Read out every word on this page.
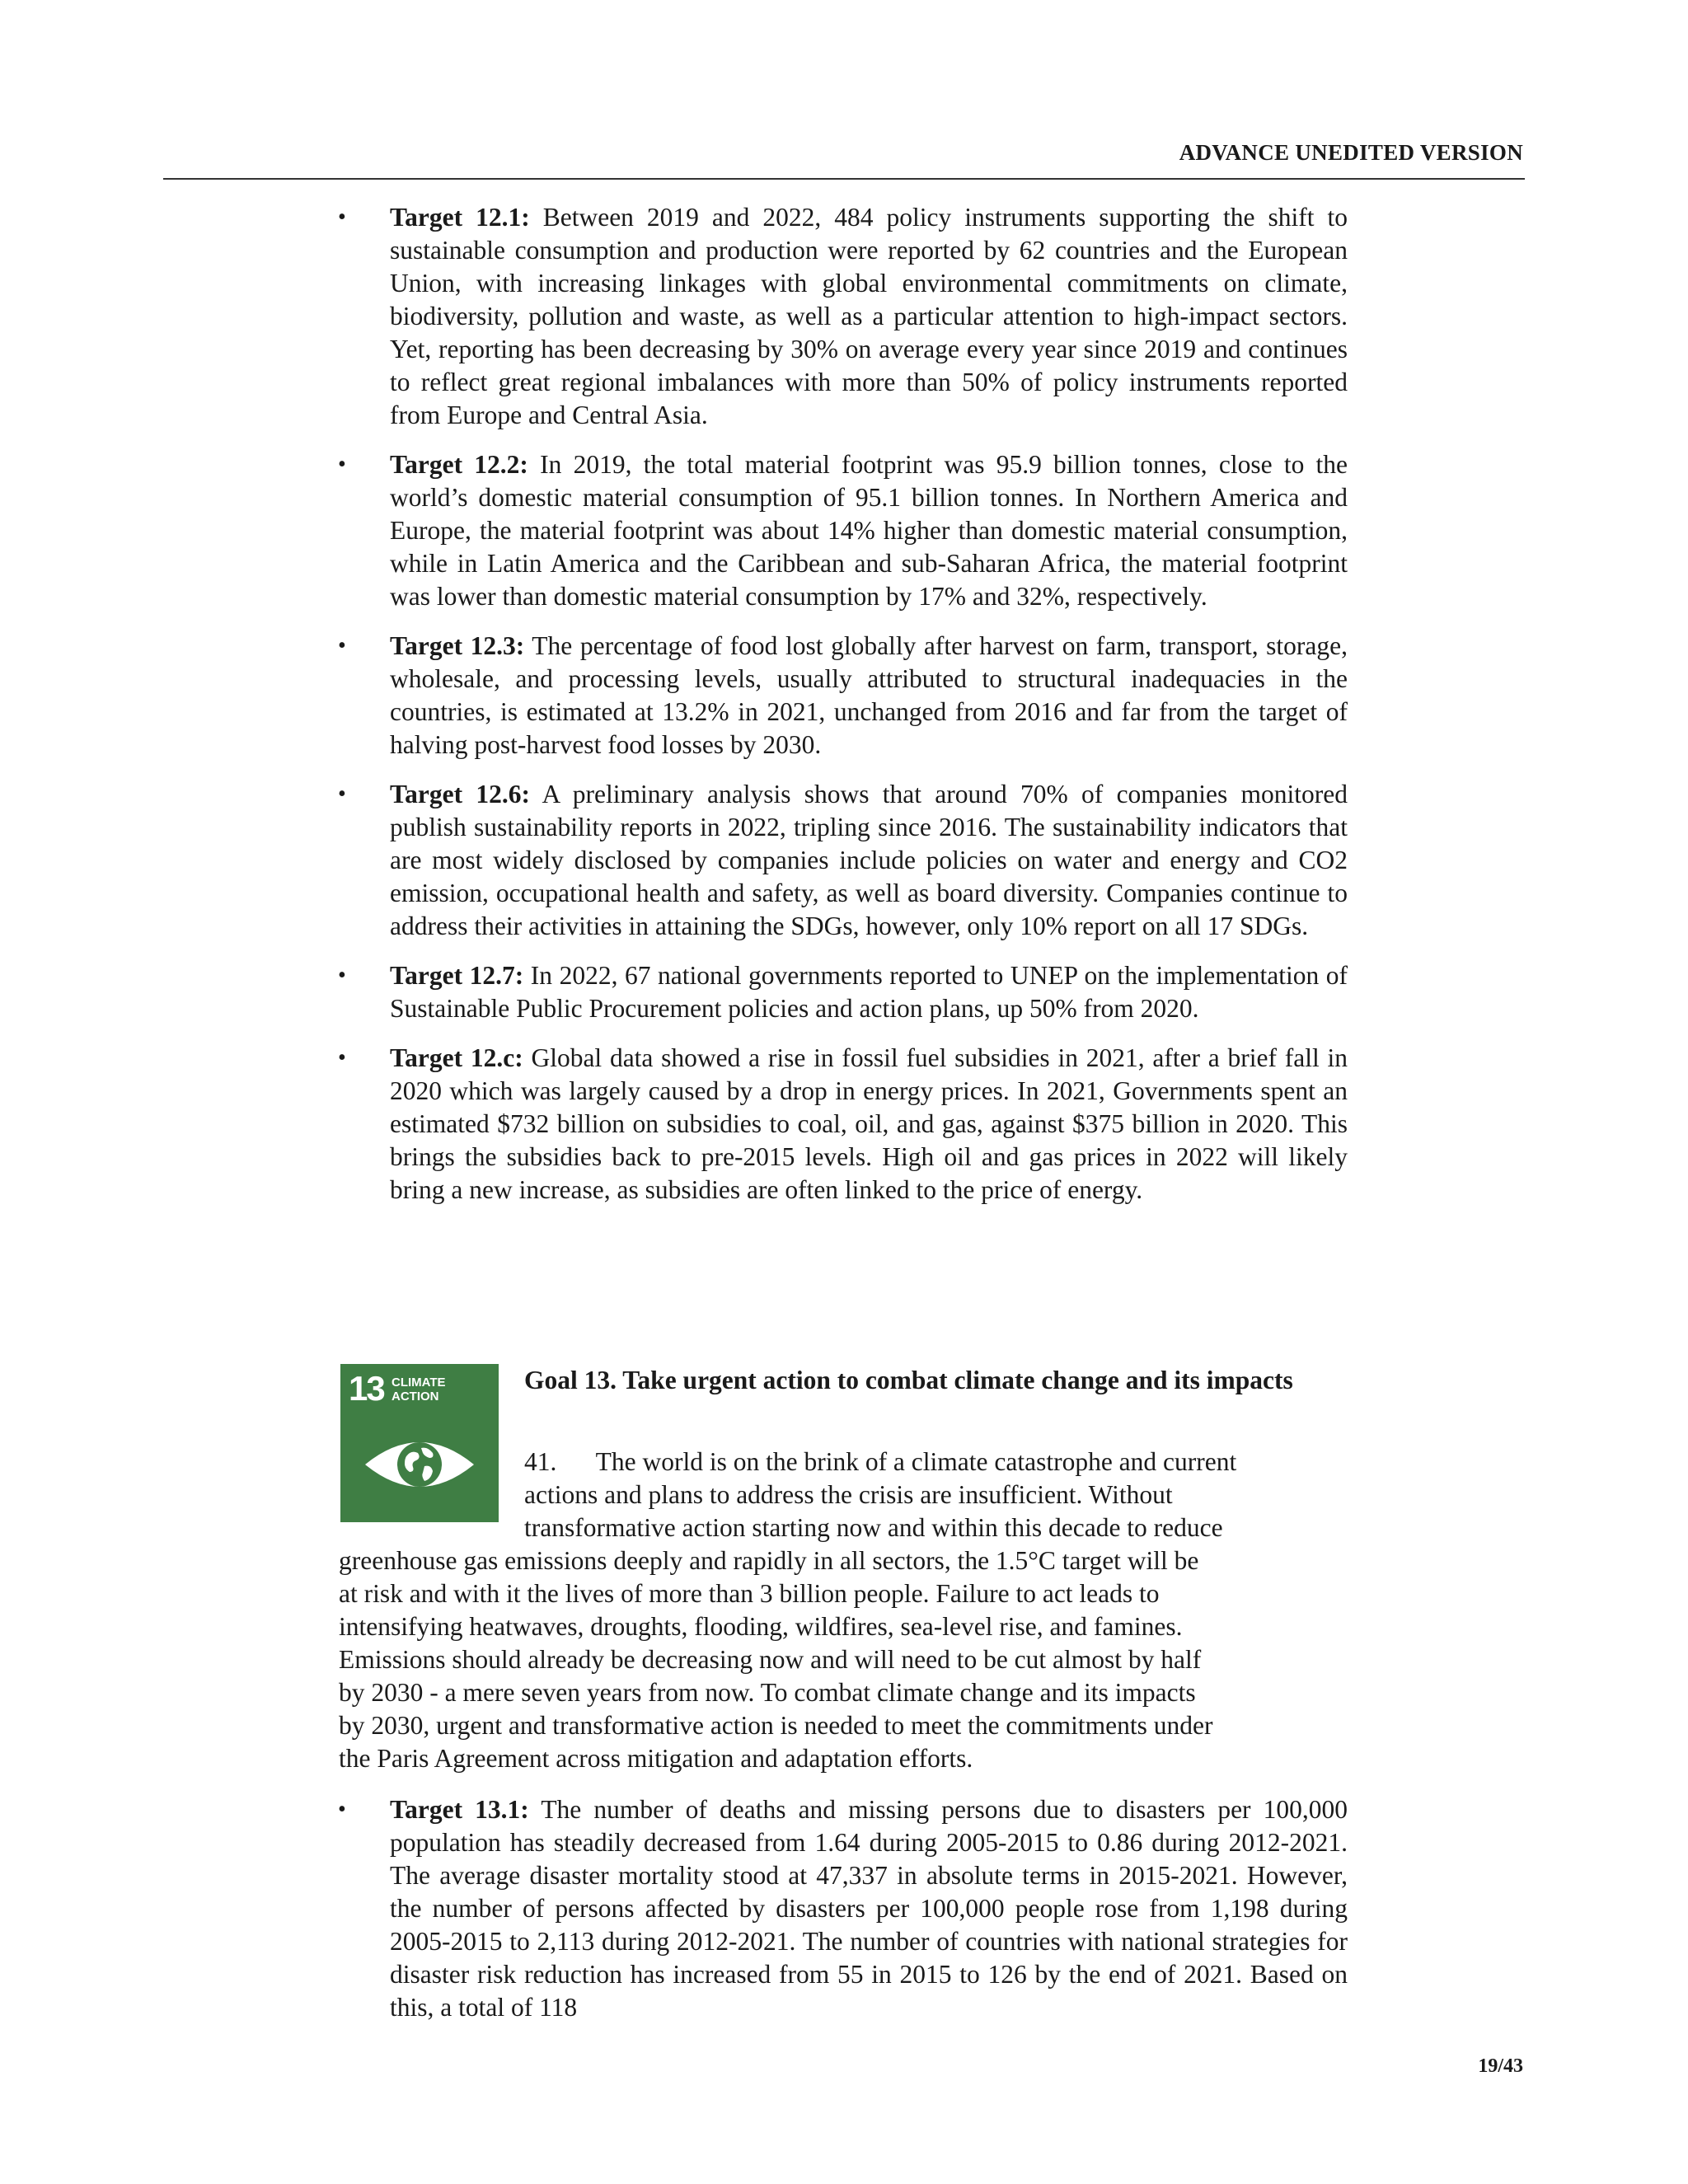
ADVANCE UNEDITED VERSION
• Target 12.1: Between 2019 and 2022, 484 policy instruments supporting the shift to sustainable consumption and production were reported by 62 countries and the European Union, with increasing linkages with global environmental commitments on climate, biodiversity, pollution and waste, as well as a particular attention to high-impact sectors. Yet, reporting has been decreasing by 30% on average every year since 2019 and continues to reflect great regional imbalances with more than 50% of policy instruments reported from Europe and Central Asia.
• Target 12.2: In 2019, the total material footprint was 95.9 billion tonnes, close to the world’s domestic material consumption of 95.1 billion tonnes. In Northern America and Europe, the material footprint was about 14% higher than domestic material consumption, while in Latin America and the Caribbean and sub-Saharan Africa, the material footprint was lower than domestic material consumption by 17% and 32%, respectively.
• Target 12.3: The percentage of food lost globally after harvest on farm, transport, storage, wholesale, and processing levels, usually attributed to structural inadequacies in the countries, is estimated at 13.2% in 2021, unchanged from 2016 and far from the target of halving post-harvest food losses by 2030.
• Target 12.6: A preliminary analysis shows that around 70% of companies monitored publish sustainability reports in 2022, tripling since 2016. The sustainability indicators that are most widely disclosed by companies include policies on water and energy and CO2 emission, occupational health and safety, as well as board diversity. Companies continue to address their activities in attaining the SDGs, however, only 10% report on all 17 SDGs.
• Target 12.7: In 2022, 67 national governments reported to UNEP on the implementation of Sustainable Public Procurement policies and action plans, up 50% from 2020.
• Target 12.c: Global data showed a rise in fossil fuel subsidies in 2021, after a brief fall in 2020 which was largely caused by a drop in energy prices. In 2021, Governments spent an estimated $732 billion on subsidies to coal, oil, and gas, against $375 billion in 2020. This brings the subsidies back to pre-2015 levels. High oil and gas prices in 2022 will likely bring a new increase, as subsidies are often linked to the price of energy.
13 CLIMATE
ACTION
Goal 13. Take urgent action to combat climate change and its impacts
41. The world is on the brink of a climate catastrophe and current
actions and plans to address the crisis are insufficient. Without
transformative action starting now and within this decade to reduce
greenhouse gas emissions deeply and rapidly in all sectors, the 1.5°C target will be
at risk and with it the lives of more than 3 billion people. Failure to act leads to
intensifying heatwaves, droughts, flooding, wildfires, sea-level rise, and famines.
Emissions should already be decreasing now and will need to be cut almost by half
by 2030 - a mere seven years from now. To combat climate change and its impacts
by 2030, urgent and transformative action is needed to meet the commitments under
the Paris Agreement across mitigation and adaptation efforts.
• Target 13.1: The number of deaths and missing persons due to disasters per 100,000 population has steadily decreased from 1.64 during 2005-2015 to 0.86 during 2012-2021. The average disaster mortality stood at 47,337 in absolute terms in 2015-2021. However, the number of persons affected by disasters per 100,000 people rose from 1,198 during 2005-2015 to 2,113 during 2012-2021. The number of countries with national strategies for disaster risk reduction has increased from 55 in 2015 to 126 by the end of 2021. Based on this, a total of 118
19/43
